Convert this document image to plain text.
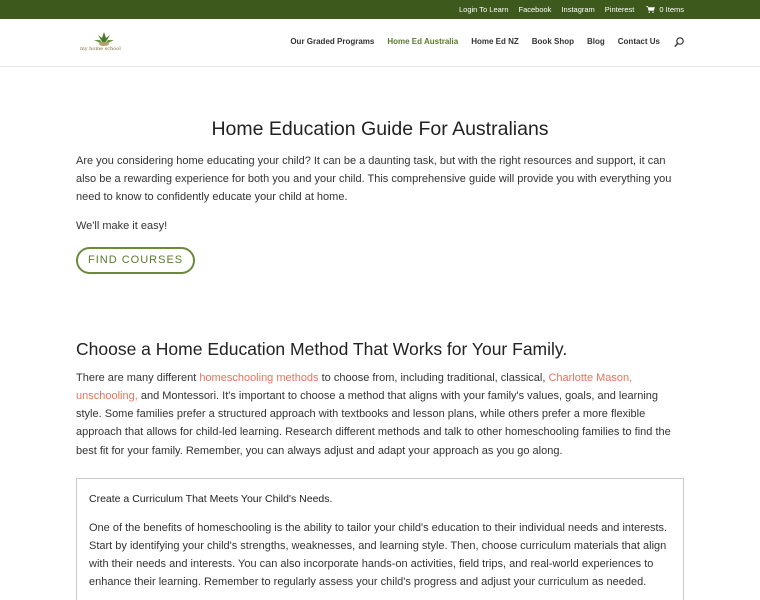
Login To Learn Facebook Instagram Pinterest	0 Items
my home school
Our Graded Programs Home Ed Australia Home Ed NZ Book Shop Blog Contact Us
Home Education Guide For Australians

Are you considering home educating your child? It can be a daunting task, but with the right resources and support, it can also be a rewarding experience for both you and your child. This comprehensive guide will provide you with everything you need to know to confidently educate your child at home.

We'll make it easy!

FIND COURSES
Choose a Home Education Method That Works for Your Family.

There are many different homeschooling methods to choose from, including traditional, classical, Charlotte Mason, unschooling, and Montessori. It's important to choose a method that aligns with your family's values, goals, and learning style. Some families prefer a structured approach with textbooks and lesson plans, while others prefer a more flexible approach that allows for child-led learning. Research different methods and talk to other homeschooling families to find the best fit for your family. Remember, you can always adjust and adapt your approach as you go along.

Create a Curriculum That Meets Your Child's Needs.

One of the benefits of homeschooling is the ability to tailor your child's education to their individual needs and interests. Start by identifying your child's strengths, weaknesses, and learning style. Then, choose curriculum materials that align with their needs and interests. You can also incorporate hands-on activities, field trips, and real-world experiences to enhance their learning. Remember to regularly assess your child's progress and adjust your curriculum as needed.
